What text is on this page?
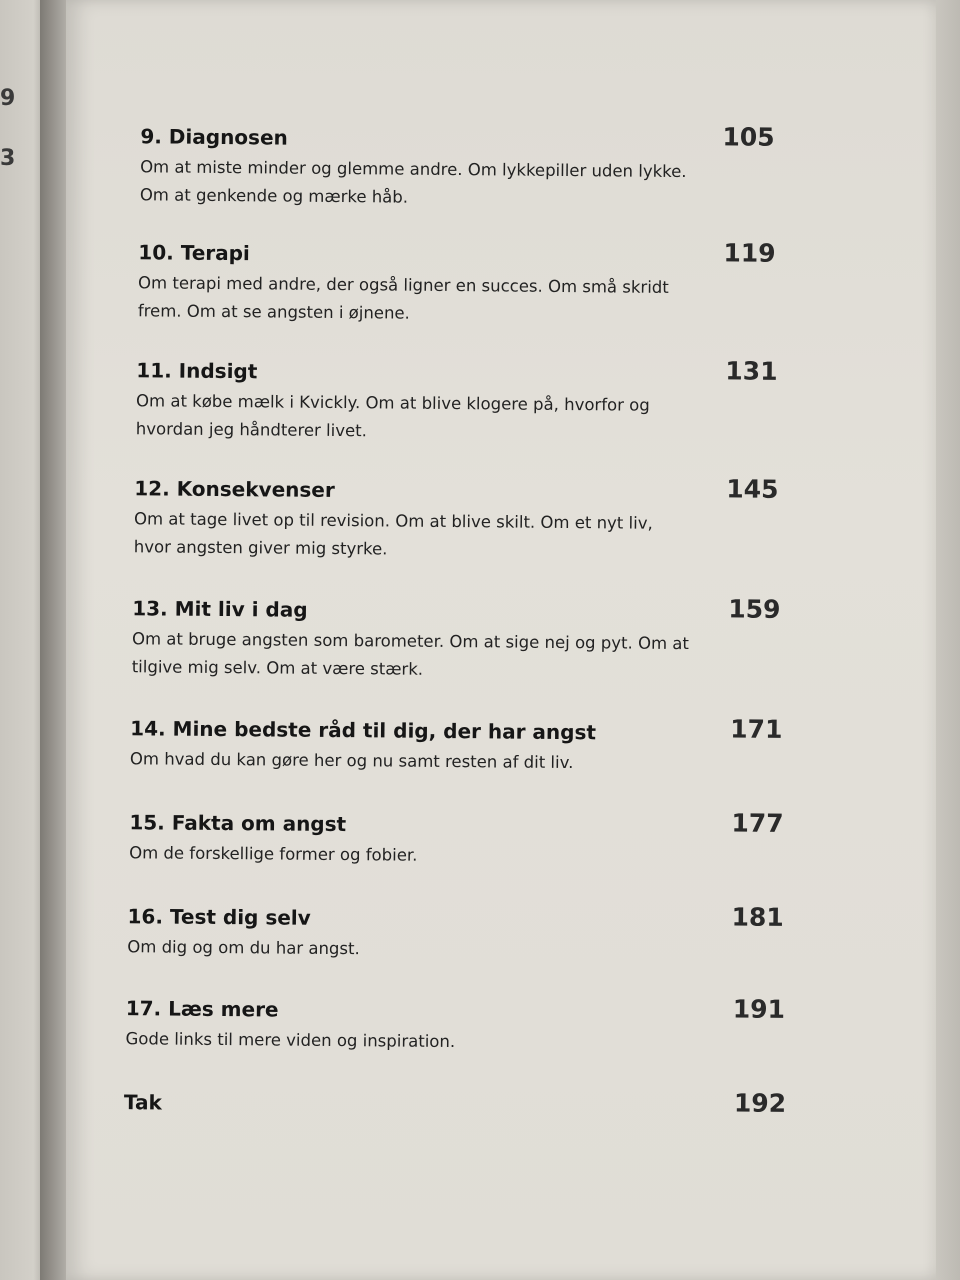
9
3
9. Diagnosen
Om at miste minder og glemme andre. Om lykkepiller uden lykke. Om at genkende og mærke håb.
105
10. Terapi
Om terapi med andre, der også ligner en succes. Om små skridt frem. Om at se angsten i øjnene.
119
11. Indsigt
Om at købe mælk i Kvickly. Om at blive klogere på, hvorfor og hvordan jeg håndterer livet.
131
12. Konsekvenser
Om at tage livet op til revision. Om at blive skilt. Om et nyt liv, hvor angsten giver mig styrke.
145
13. Mit liv i dag
Om at bruge angsten som barometer. Om at sige nej og pyt. Om at tilgive mig selv. Om at være stærk.
159
14. Mine bedste råd til dig, der har angst
Om hvad du kan gøre her og nu samt resten af dit liv.
171
15. Fakta om angst
Om de forskellige former og fobier.
177
16. Test dig selv
Om dig og om du har angst.
181
17. Læs mere
Gode links til mere viden og inspiration.
191
Tak	192
